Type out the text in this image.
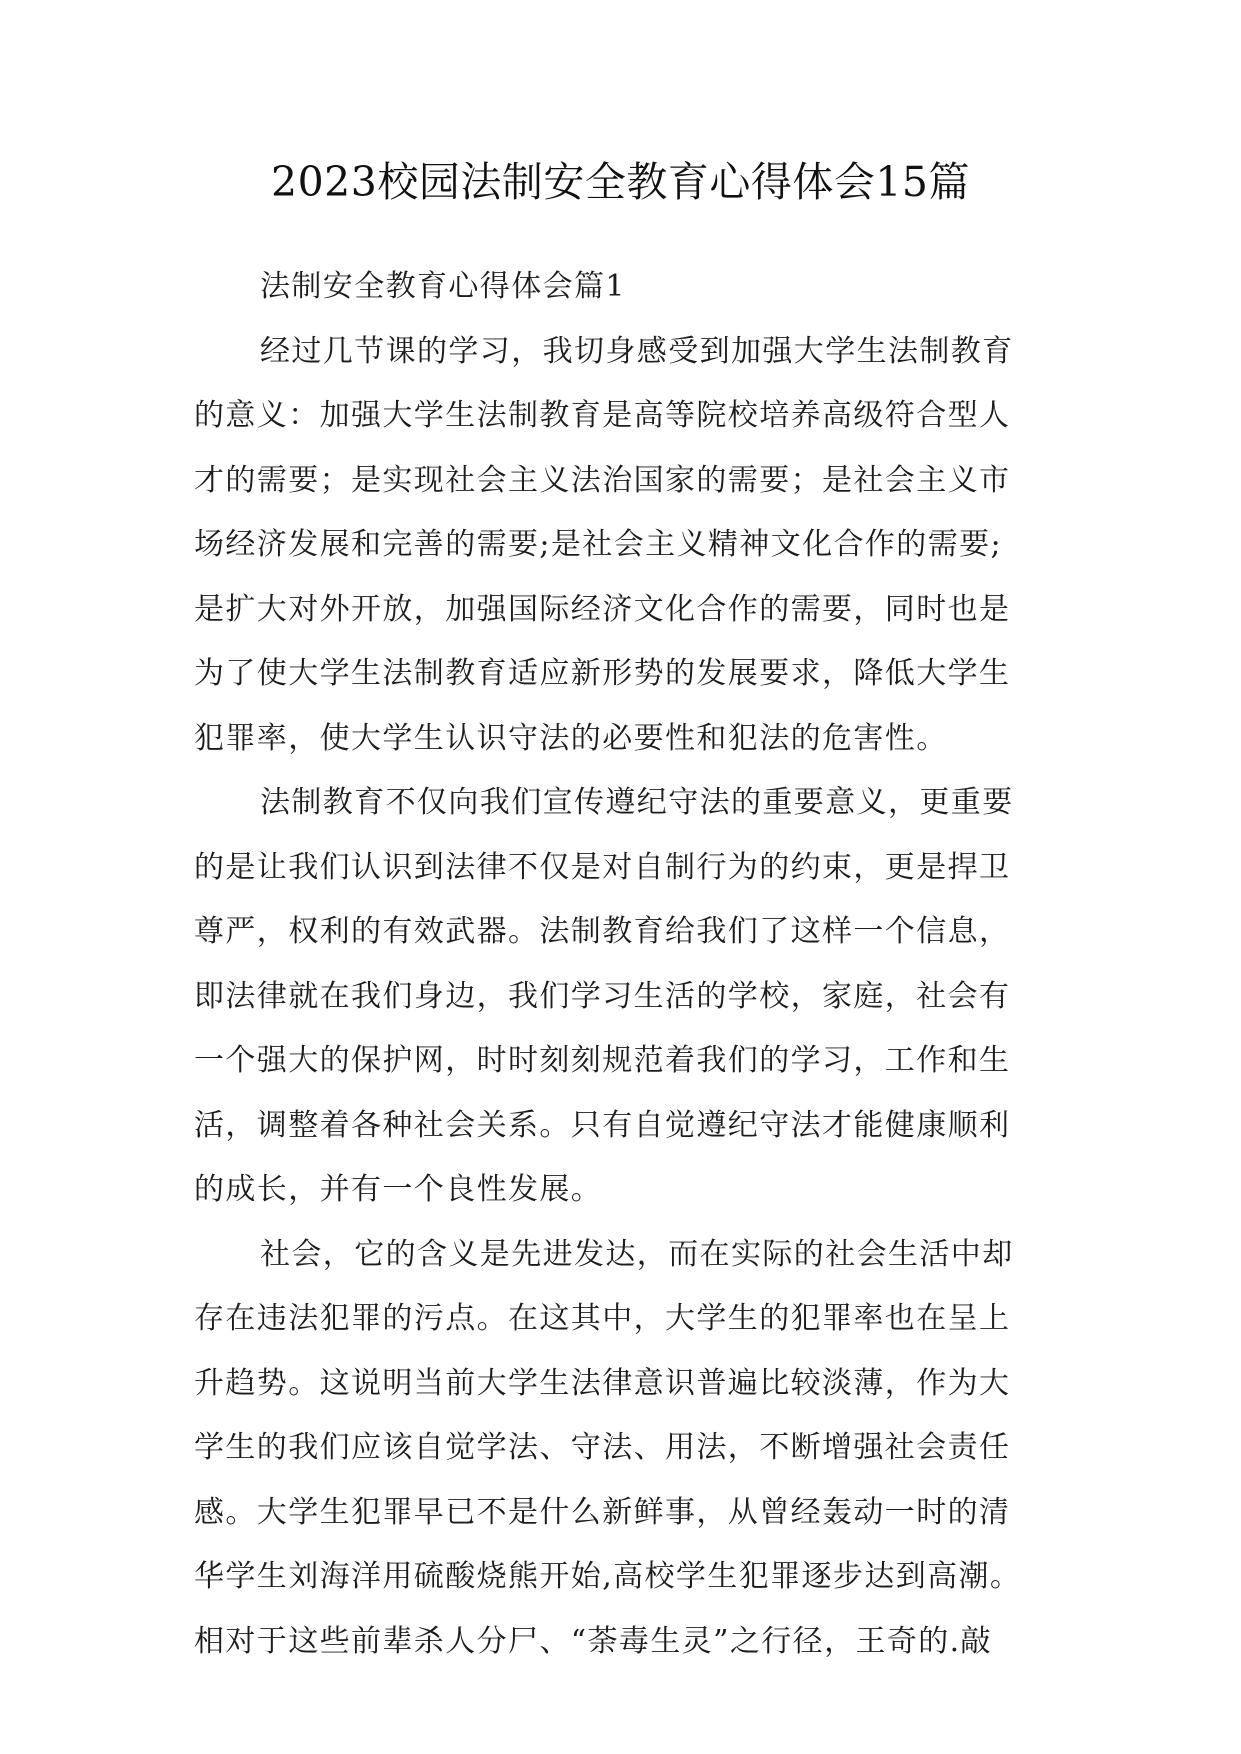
2023校园法制安全教育心得体会15篇
法制安全教育心得体会篇1
经过几节课的学习，我切身感受到加强大学生法制教育
的意义：加强大学生法制教育是高等院校培养高级符合型人
才的需要；是实现社会主义法治国家的需要；是社会主义市
场经济发展和完善的需要;是社会主义精神文化合作的需要;
是扩大对外开放，加强国际经济文化合作的需要，同时也是
为了使大学生法制教育适应新形势的发展要求，降低大学生
犯罪率，使大学生认识守法的必要性和犯法的危害性。
法制教育不仅向我们宣传遵纪守法的重要意义，更重要
的是让我们认识到法律不仅是对自制行为的约束，更是捍卫
尊严，权利的有效武器。法制教育给我们了这样一个信息，
即法律就在我们身边，我们学习生活的学校，家庭，社会有
一个强大的保护网，时时刻刻规范着我们的学习，工作和生
活，调整着各种社会关系。只有自觉遵纪守法才能健康顺利
的成长，并有一个良性发展。
社会，它的含义是先进发达，而在实际的社会生活中却
存在违法犯罪的污点。在这其中，大学生的犯罪率也在呈上
升趋势。这说明当前大学生法律意识普遍比较淡薄，作为大
学生的我们应该自觉学法、守法、用法，不断增强社会责任
感。大学生犯罪早已不是什么新鲜事，从曾经轰动一时的清
华学生刘海洋用硫酸烧熊开始,高校学生犯罪逐步达到高潮。
相对于这些前辈杀人分尸、“荼毒生灵”之行径，王奇的.敲
